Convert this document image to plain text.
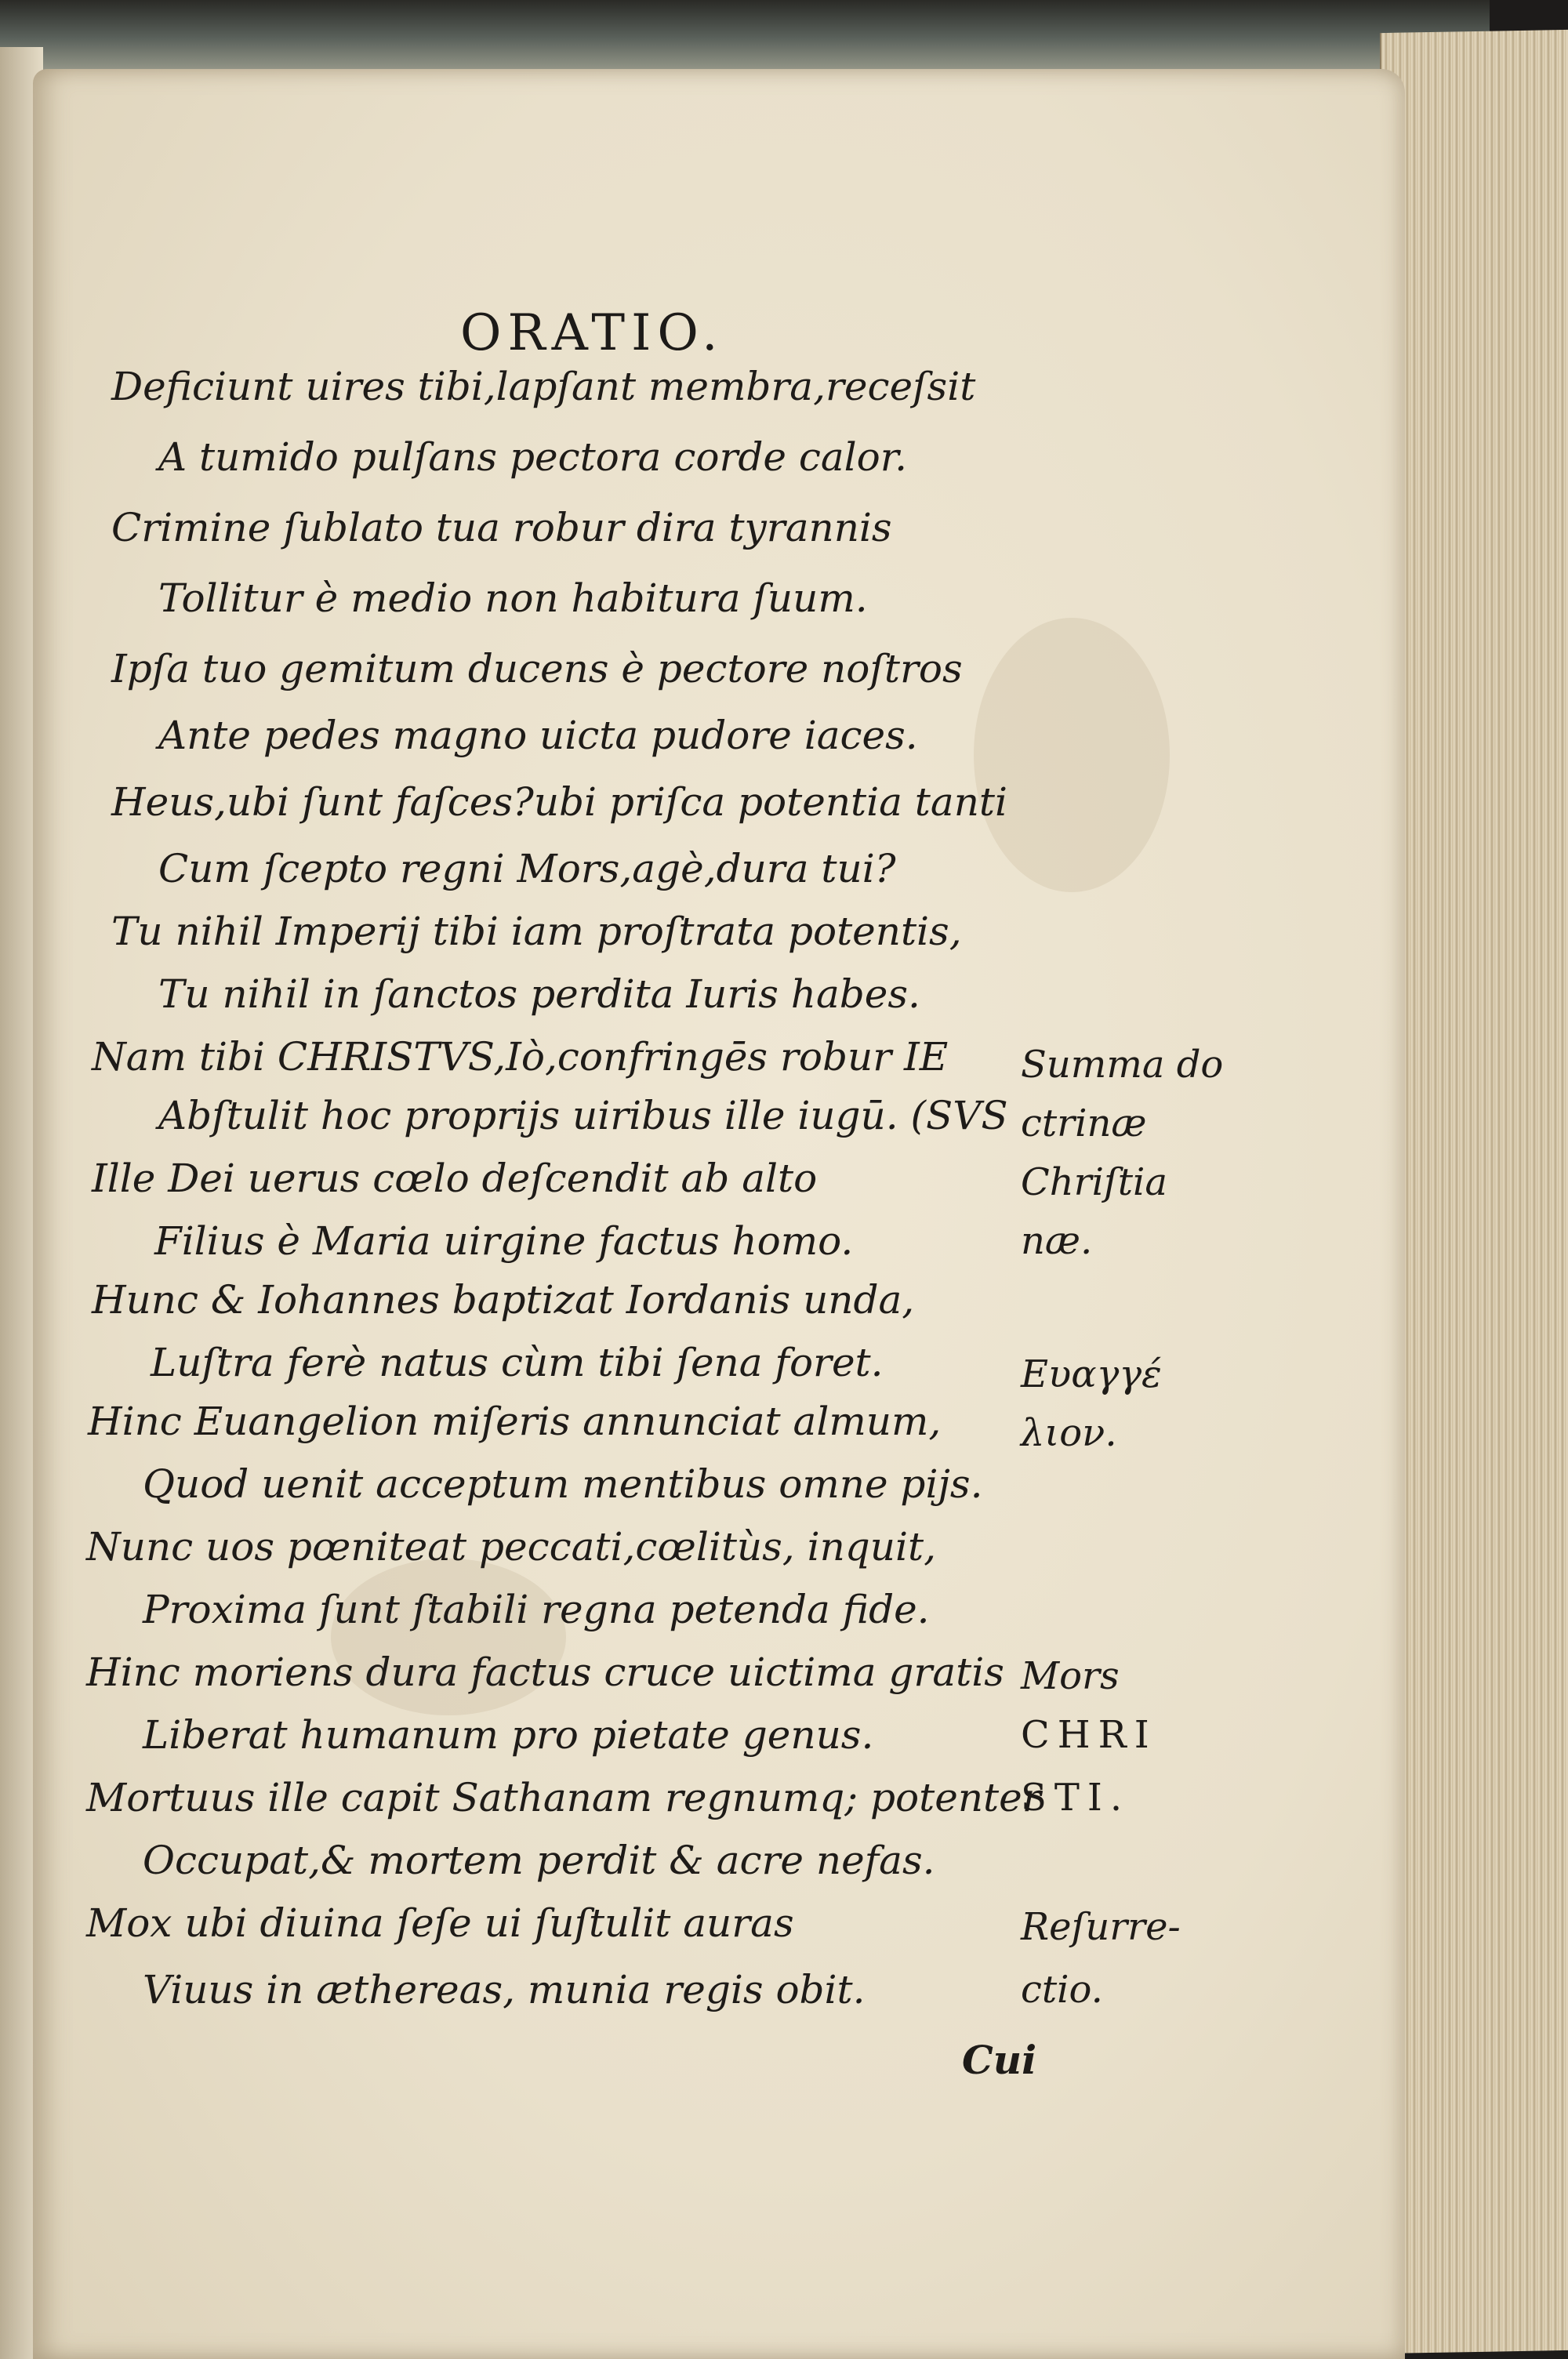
ORATIO.
Deficiunt uires tibi,lapſant membra,receſsit
A tumido pulſans pectora corde calor.
Crimine ſublato tua robur dira tyrannis
Tollitur è medio non habitura ſuum.
Ipſa tuo gemitum ducens è pectore noſtros
Ante pedes magno uicta pudore iaces.
Heus,ubi ſunt faſces?ubi priſca potentia tanti
Cum ſcepto regni Mors,agè,dura tui?
Tu nihil Imperij tibi iam proſtrata potentis,
Tu nihil in ſanctos perdita Iuris habes.
Nam tibi CHRISTVS,Iò,confringēs robur IE
Abſtulit hoc proprijs uiribus ille iugū. (SVS
Ille Dei uerus cœlo deſcendit ab alto
Filius è Maria uirgine factus homo.
Hunc & Iohannes baptizat Iordanis unda,
Luſtra ferè natus cùm tibi ſena foret.
Hinc Euangelion miſeris annunciat almum,
Quod uenit acceptum mentibus omne pijs.
Nunc uos pœniteat peccati,cœlitùs, inquit,
Proxima ſunt ſtabili regna petenda fide.
Hinc moriens dura factus cruce uictima gratis
Liberat humanum pro pietate genus.
Mortuus ille capit Sathanam regnumq; potenter
Occupat,& mortem perdit & acre nefas.
Mox ubi diuina ſeſe ui ſuſtulit auras
Viuus in æthereas, munia regis obit.
Summa do
ctrinæ
Chriſtia
næ.
Ευαγγέ
λιον.
Mors
CHRI
STI.
Reſurre-
ctio.
Cui
